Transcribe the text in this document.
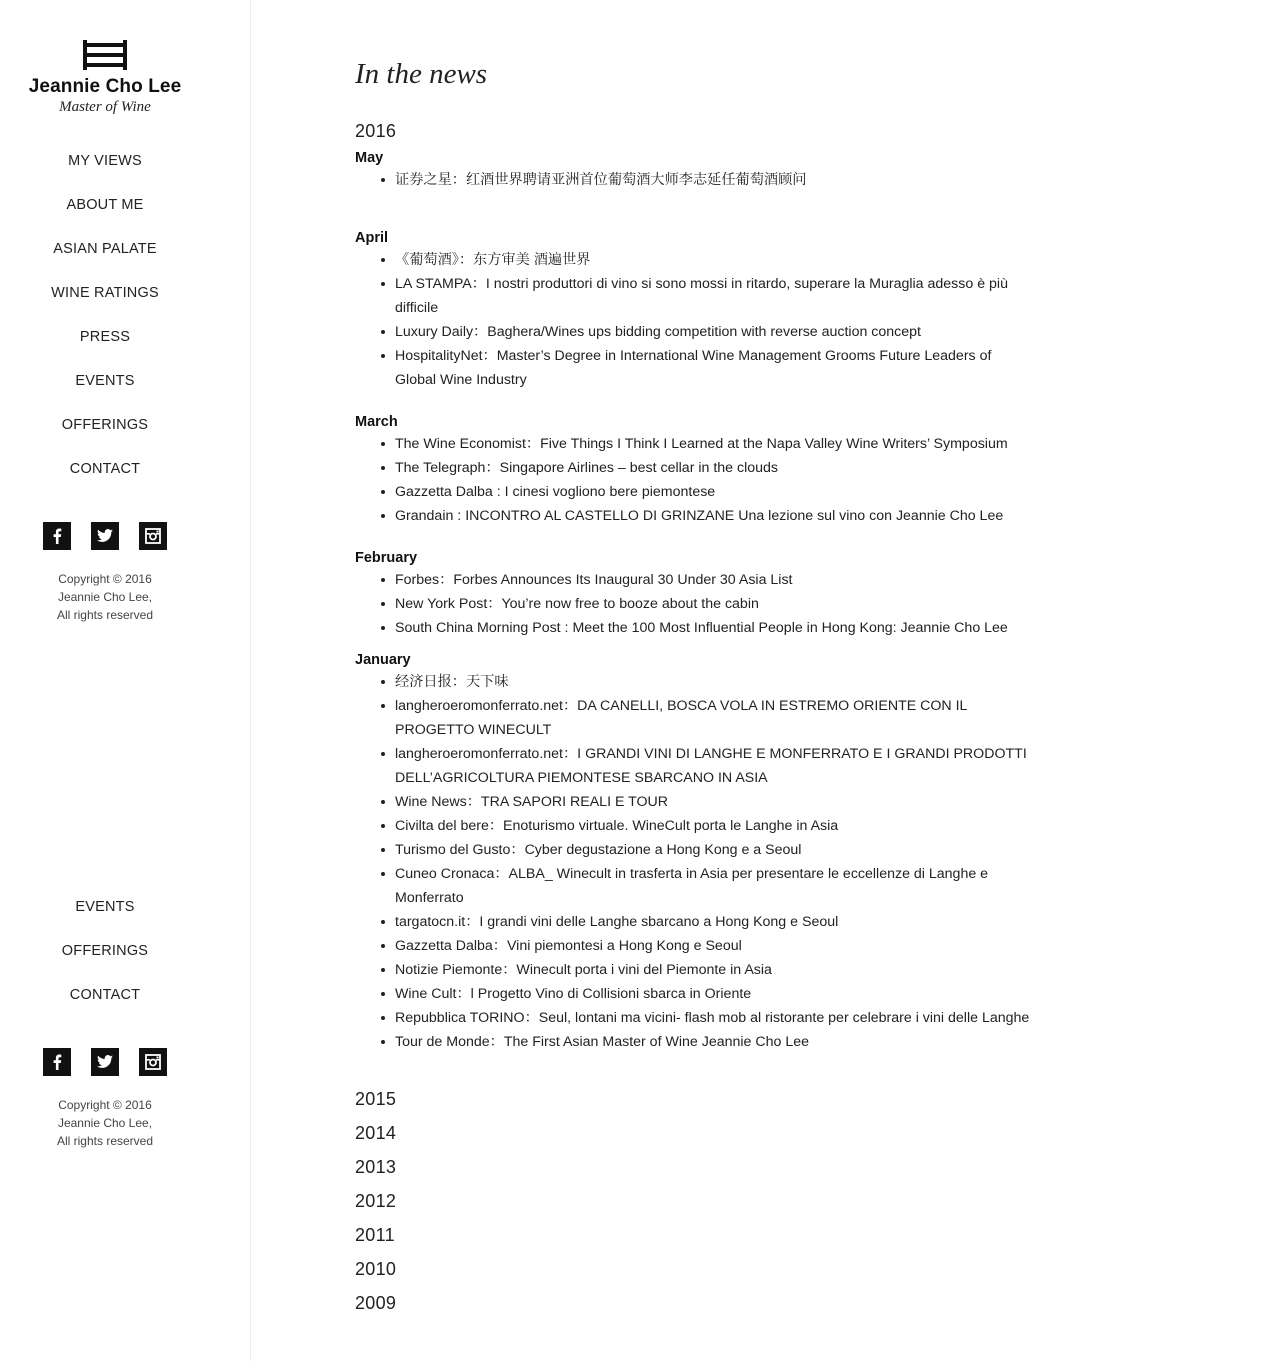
Jeannie Cho Lee
Master of Wine
MY VIEWS
ABOUT ME
ASIAN PALATE
WINE RATINGS
PRESS
EVENTS
OFFERINGS
CONTACT
Copyright © 2016
Jeannie Cho Lee,
All rights reserved
EVENTS
OFFERINGS
CONTACT
Copyright © 2016
Jeannie Cho Lee,
All rights reserved
In the news
2016
May
证券之星：红酒世界聘请亚洲首位葡萄酒大师李志延任葡萄酒顾问
April
《葡萄酒》：东方审美 酒遍世界
LA STAMPA：I nostri produttori di vino si sono mossi in ritardo, superare la Muraglia adesso è più difficile
Luxury Daily：Baghera/Wines ups bidding competition with reverse auction concept
HospitalityNet：Master’s Degree in International Wine Management Grooms Future Leaders of Global Wine Industry
March
The Wine Economist：Five Things I Think I Learned at the Napa Valley Wine Writers’ Symposium
The Telegraph：Singapore Airlines – best cellar in the clouds
Gazzetta Dalba : I cinesi vogliono bere piemontese
Grandain : INCONTRO AL CASTELLO DI GRINZANE Una lezione sul vino con Jeannie Cho Lee
February
Forbes：Forbes Announces Its Inaugural 30 Under 30 Asia List
New York Post：You’re now free to booze about the cabin
South China Morning Post : Meet the 100 Most Influential People in Hong Kong: Jeannie Cho Lee
January
经济日报：天下味
langheroeromonferrato.net：DA CANELLI, BOSCA VOLA IN ESTREMO ORIENTE CON IL PROGETTO WINECULT
langheroeromonferrato.net：I GRANDI VINI DI LANGHE E MONFERRATO E I GRANDI PRODOTTI DELL’AGRICOLTURA PIEMONTESE SBARCANO IN ASIA
Wine News：TRA SAPORI REALI E TOUR
Civilta del bere：Enoturismo virtuale. WineCult porta le Langhe in Asia
Turismo del Gusto：Cyber degustazione a Hong Kong e a Seoul
Cuneo Cronaca：ALBA_ Winecult in trasferta in Asia per presentare le eccellenze di Langhe e Monferrato
targatocn.it：I grandi vini delle Langhe sbarcano a Hong Kong e Seoul
Gazzetta Dalba：Vini piemontesi a Hong Kong e Seoul
Notizie Piemonte：Winecult porta i vini del Piemonte in Asia
Wine Cult：l Progetto Vino di Collisioni sbarca in Oriente
Repubblica TORINO：Seul, lontani ma vicini- flash mob al ristorante per celebrare i vini delle Langhe
Tour de Monde：The First Asian Master of Wine Jeannie Cho Lee
2015
2014
2013
2012
2011
2010
2009
